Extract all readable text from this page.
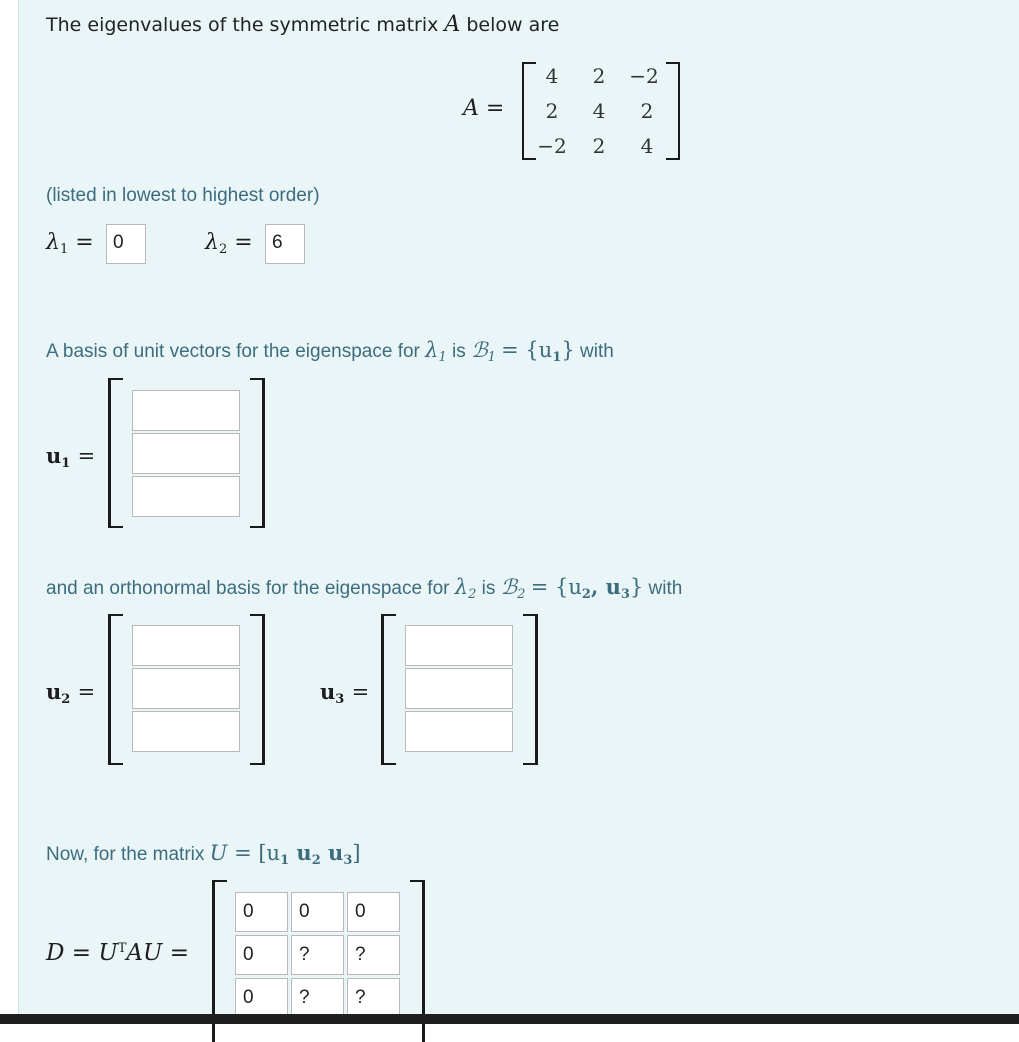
The eigenvalues of the symmetric matrix A below are
A =
4	2	−2
2	4	2
−2	2	4
(listed in lowest to highest order)
λ1 =	0	λ2 =	6
A basis of unit vectors for the eigenspace for λ1 is ℬ1 = {u1} with
u1 =
and an orthonormal basis for the eigenspace for λ2 is ℬ2 = {u2, u3} with
u2 =	u3 =
Now, for the matrix U = [u1 u2 u3]
$D = U^TAU$ =
0	0	0
0	?	?
0	?	?
